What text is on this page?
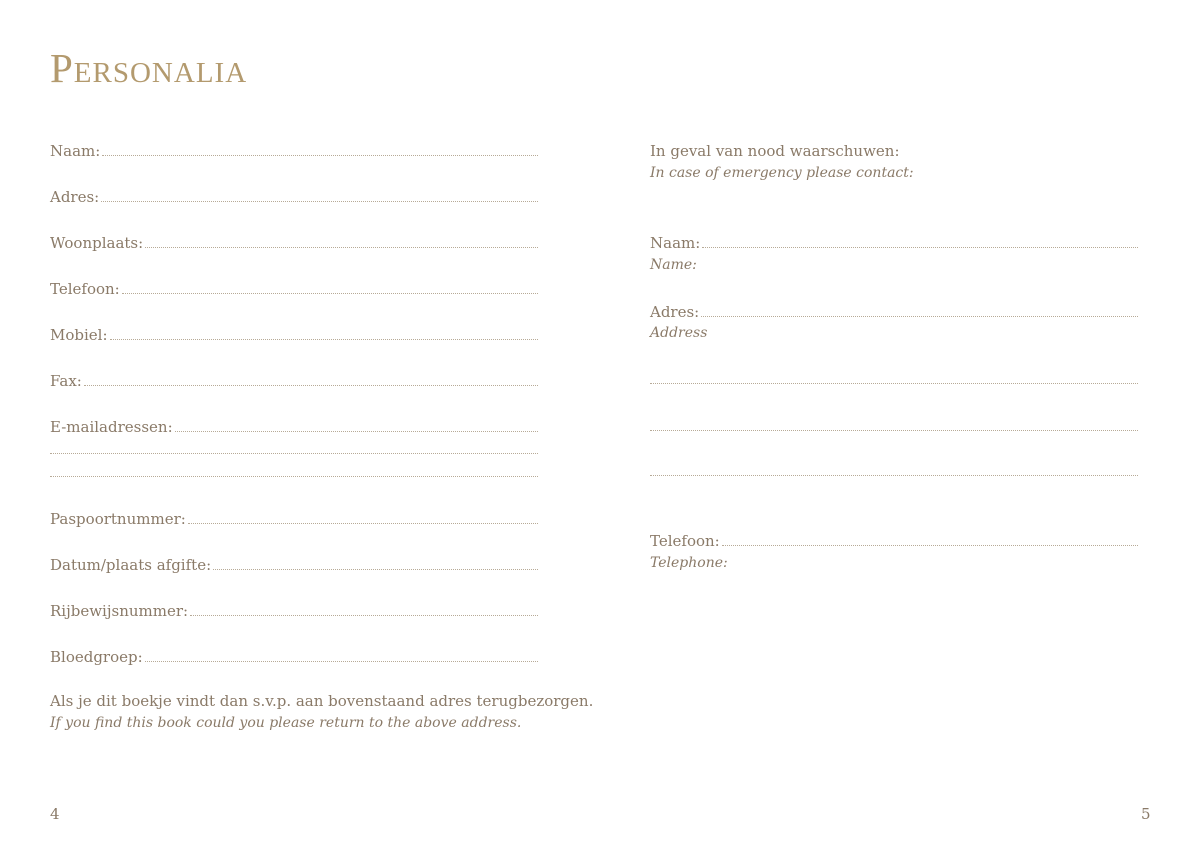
Personalia
Naam:
Adres:
Woonplaats:
Telefoon:
Mobiel:
Fax:
E-mailadressen:
Paspoortnummer:
Datum/plaats afgifte:
Rijbewijsnummer:
Bloedgroep:
Als je dit boekje vindt dan s.v.p. aan bovenstaand adres terugbezorgen.
If you find this book could you please return to the above address.
In geval van nood waarschuwen:
In case of emergency please contact:
Naam:
Name:
Adres:
Address
Telefoon:
Telephone:
4	5
